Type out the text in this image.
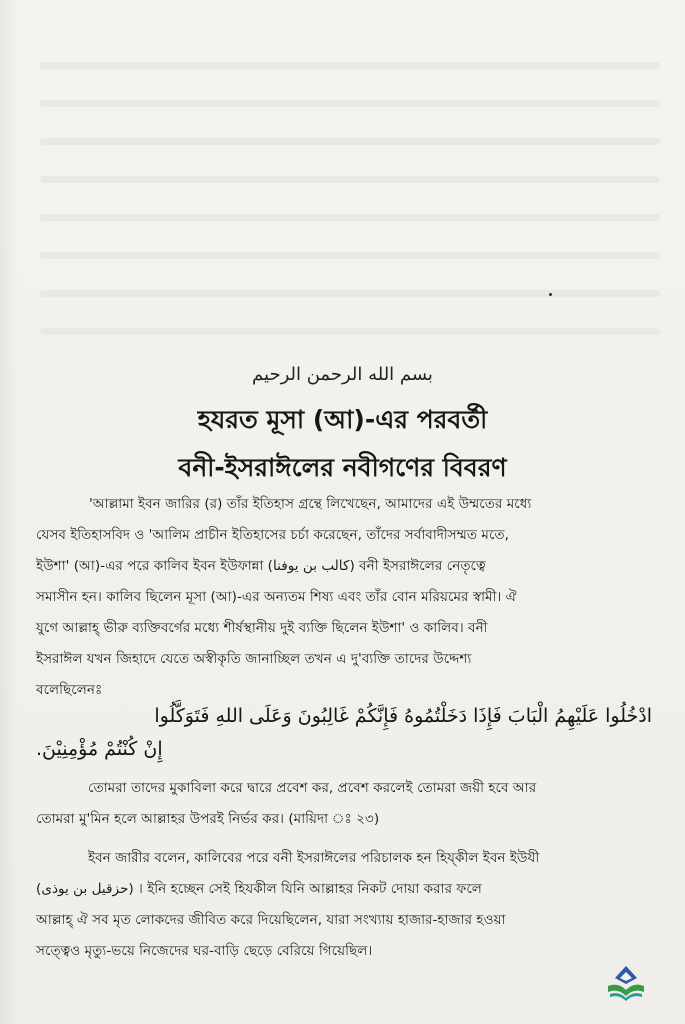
بسم الله الرحمن الرحيم
হযরত মূসা (আ)-এর পরবর্তী
বনী-ইসরাঈলের নবীগণের বিবরণ
'আল্লামা ইবন জারির (র) তাঁর ইতিহাস গ্রন্থে লিখেছেন, আমাদের এই উম্মতের মধ্যে
যেসব ইতিহাসবিদ ও 'আলিম প্রাচীন ইতিহাসের চর্চা করেছেন, তাঁদের সর্বাবাদীসম্মত মতে,
ইউশা' (আ)-এর পরে কালিব ইবন ইউফান্না (كالب بن يوفنا) বনী ইসরাঈলের নেতৃত্বে
সমাসীন হন। কালিব ছিলেন মূসা (আ)-এর অন্যতম শিষ্য এবং তাঁর বোন মরিয়মের স্বামী। ঐ
যুগে আল্লাহ্ ভীরু ব্যক্তিবর্গের মধ্যে শীর্ষস্থানীয় দুই ব্যক্তি ছিলেন ইউশা' ও কালিব। বনী
ইসরাঈল যখন জিহাদে যেতে অস্বীকৃতি জানাচ্ছিল তখন এ দু'ব্যক্তি তাদের উদ্দেশ্য
বলেছিলেনঃ
ادْخُلُوا عَلَيْهِمُ الْبَابَ فَإِذَا دَخَلْتُمُوهُ فَإِنَّكُمْ غَالِبُونَ وَعَلَى اللهِ فَتَوَكَّلُوا
إِنْ كُنْتُمْ مُؤْمِنِيْنَ.
তোমরা তাদের মুকাবিলা করে দ্বারে প্রবেশ কর, প্রবেশ করলেই তোমরা জয়ী হবে আর
তোমরা মু'মিন হলে আল্লাহর উপরই নির্ভর কর। (মায়িদা ঃ ২৩)
ইবন জারীর বলেন, কালিবের পরে বনী ইসরাঈলের পরিচালক হন হিয্কীল ইবন ইউযী
(حزقيل بن يوذى) । ইনি হচ্ছেন সেই হিযকীল যিনি আল্লাহর নিকট দোয়া করার ফলে
আল্লাহ্ ঐ সব মৃত লোকদের জীবিত করে দিয়েছিলেন, যারা সংখ্যায় হাজার-হাজার হওয়া
সত্ত্বেও মৃত্যু-ভয়ে নিজেদের ঘর-বাড়ি ছেড়ে বেরিয়ে গিয়েছিল।
